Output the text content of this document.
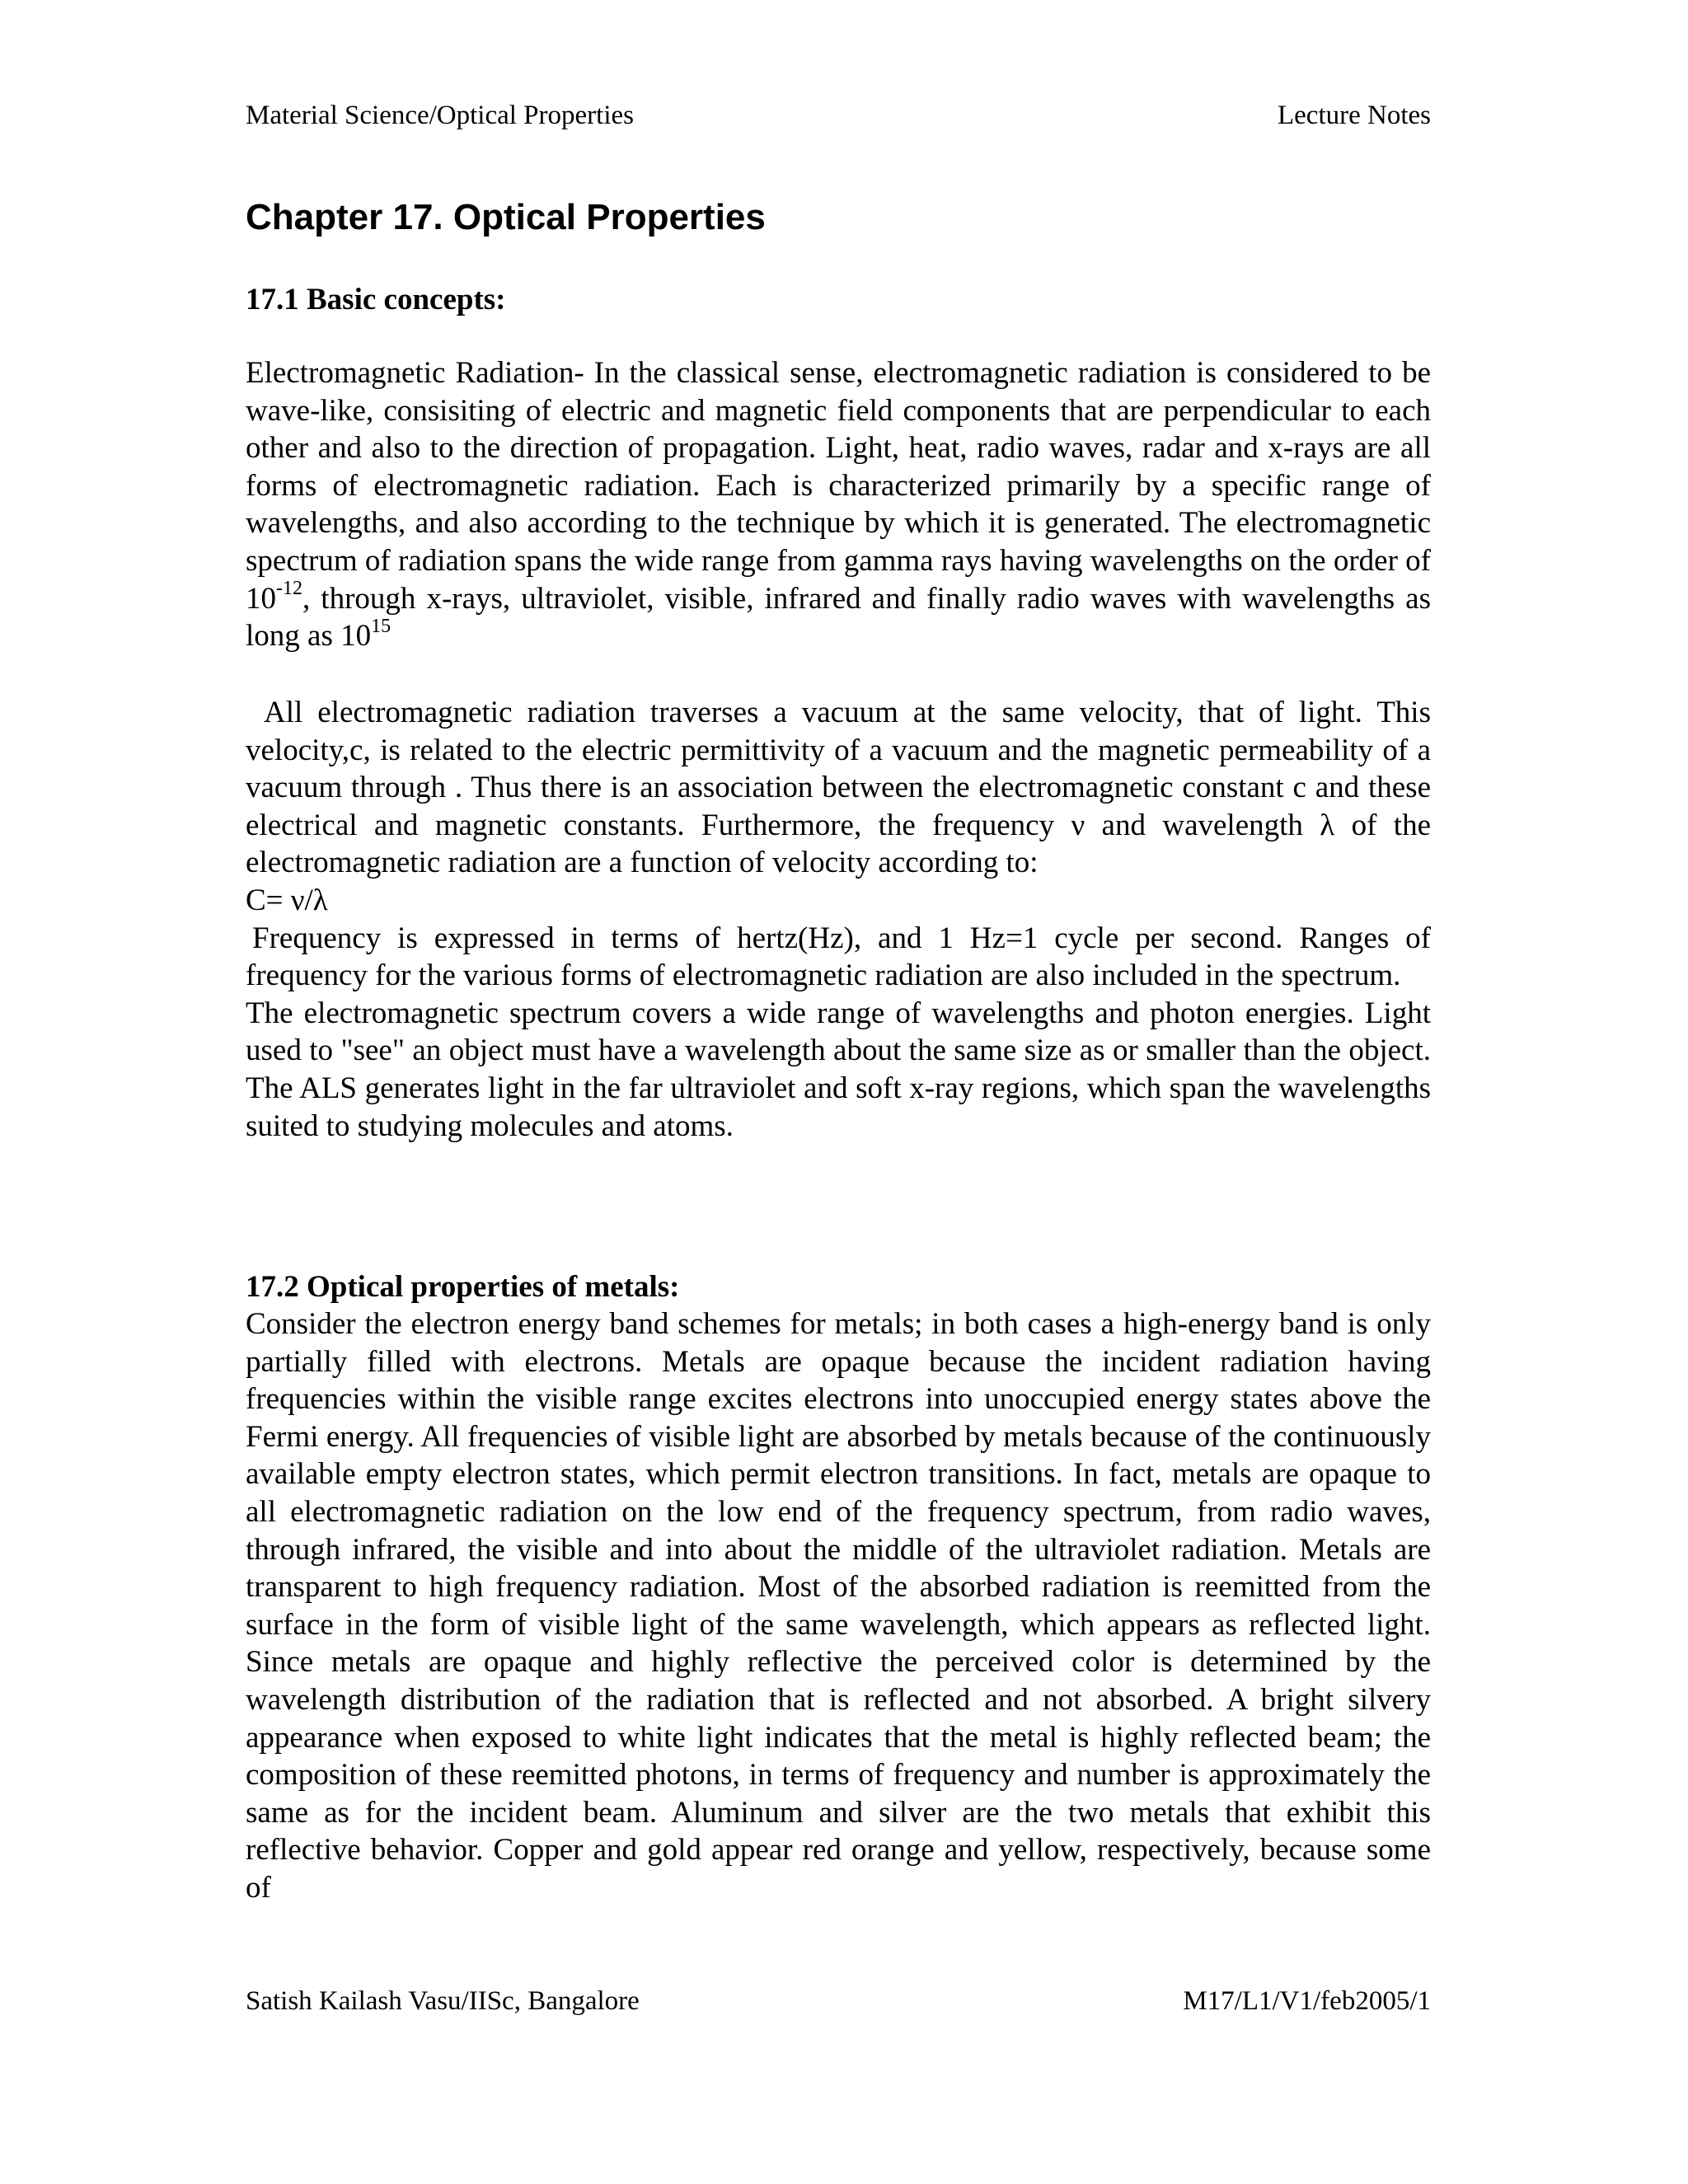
Material Science/Optical Properties	Lecture Notes
Chapter 17. Optical Properties
17.1 Basic concepts:

Electromagnetic Radiation- In the classical sense, electromagnetic radiation is considered to be wave-like, consisiting of electric and magnetic field components that are perpendicular to each other and also to the direction of propagation. Light, heat, radio waves, radar and x-rays are all forms of electromagnetic radiation. Each is characterized primarily by a specific range of wavelengths, and also according to the technique by which it is generated. The electromagnetic spectrum of radiation spans the wide range from gamma rays having wavelengths on the order of $10^{-12}$, through x-rays, ultraviolet, visible, infrared and finally radio waves with wavelengths as long as $10^{15}$

All electromagnetic radiation traverses a vacuum at the same velocity, that of light. This velocity,c, is related to the electric permittivity of a vacuum and the magnetic permeability of a vacuum through . Thus there is an association between the electromagnetic constant c and these electrical and magnetic constants. Furthermore, the frequency ν and wavelength λ of the electromagnetic radiation are a function of velocity according to:

C= ν/λ

Frequency is expressed in terms of hertz(Hz), and 1 Hz=1 cycle per second. Ranges of frequency for the various forms of electromagnetic radiation are also included in the spectrum.

The electromagnetic spectrum covers a wide range of wavelengths and photon energies. Light used to "see" an object must have a wavelength about the same size as or smaller than the object. The ALS generates light in the far ultraviolet and soft x-ray regions, which span the wavelengths suited to studying molecules and atoms.

17.2 Optical properties of metals:

Consider the electron energy band schemes for metals; in both cases a high-energy band is only partially filled with electrons. Metals are opaque because the incident radiation having frequencies within the visible range excites electrons into unoccupied energy states above the Fermi energy. All frequencies of visible light are absorbed by metals because of the continuously available empty electron states, which permit electron transitions. In fact, metals are opaque to all electromagnetic radiation on the low end of the frequency spectrum, from radio waves, through infrared, the visible and into about the middle of the ultraviolet radiation. Metals are transparent to high frequency radiation. Most of the absorbed radiation is reemitted from the surface in the form of visible light of the same wavelength, which appears as reflected light. Since metals are opaque and highly reflective the perceived color is determined by the wavelength distribution of the radiation that is reflected and not absorbed. A bright silvery appearance when exposed to white light indicates that the metal is highly reflected beam; the composition of these reemitted photons, in terms of frequency and number is approximately the same as for the incident beam. Aluminum and silver are the two metals that exhibit this reflective behavior. Copper and gold appear red orange and yellow, respectively, because some of

Satish Kailash Vasu/IISc, Bangalore	M17/L1/V1/feb2005/1
